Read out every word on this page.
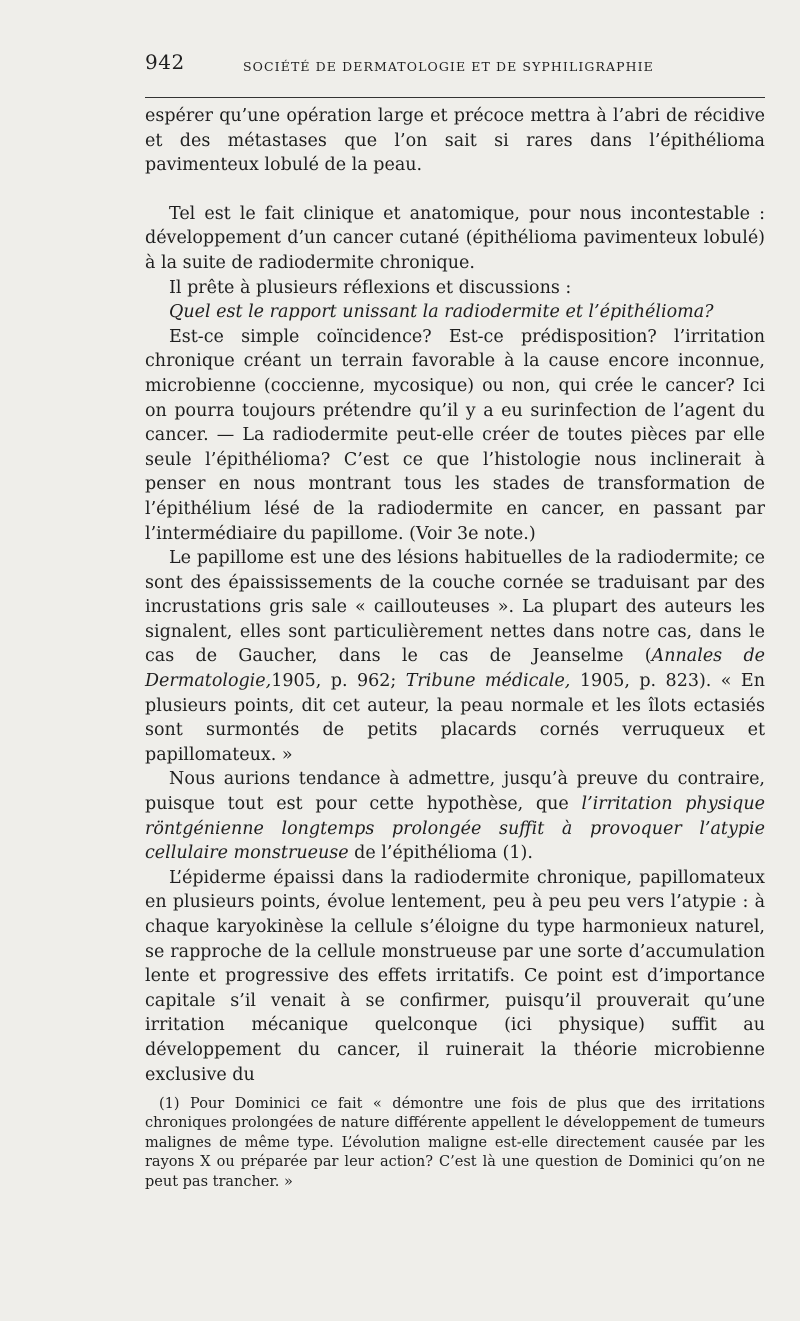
942	SOCIÉTÉ DE DERMATOLOGIE ET DE SYPHILIGRAPHIE

espérer qu’une opération large et précoce mettra à l’abri de récidive et des métastases que l’on sait si rares dans l’épithélioma pavimenteux lobulé de la peau.

Tel est le fait clinique et anatomique, pour nous incontestable : développement d’un cancer cutané (épithélioma pavimenteux lobulé) à la suite de radiodermite chronique.

Il prête à plusieurs réflexions et discussions :

Quel est le rapport unissant la radiodermite et l’épithélioma?

Est-ce simple coïncidence? Est-ce prédisposition? l’irritation chronique créant un terrain favorable à la cause encore inconnue, microbienne (coccienne, mycosique) ou non, qui crée le cancer? Ici on pourra toujours prétendre qu’il y a eu surinfection de l’agent du cancer. — La radiodermite peut-elle créer de toutes pièces par elle seule l’épithélioma? C’est ce que l’histologie nous inclinerait à penser en nous montrant tous les stades de transformation de l’épithélium lésé de la radiodermite en cancer, en passant par l’intermédiaire du papillome. (Voir 3e note.)

Le papillome est une des lésions habituelles de la radiodermite; ce sont des épaississements de la couche cornée se traduisant par des incrustations gris sale « caillouteuses ». La plupart des auteurs les signalent, elles sont particulièrement nettes dans notre cas, dans le cas de Gaucher, dans le cas de Jeanselme (Annales de Dermatologie,1905, p. 962; Tribune médicale, 1905, p. 823). « En plusieurs points, dit cet auteur, la peau normale et les îlots ectasiés sont surmontés de petits placards cornés verruqueux et papillomateux. »

Nous aurions tendance à admettre, jusqu’à preuve du contraire, puisque tout est pour cette hypothèse, que l’irritation physique röntgénienne longtemps prolongée suffit à provoquer l’atypie cellulaire monstrueuse de l’épithélioma (1).

L’épiderme épaissi dans la radiodermite chronique, papillomateux en plusieurs points, évolue lentement, peu à peu peu vers l’atypie : à chaque karyokinèse la cellule s’éloigne du type harmonieux naturel, se rapproche de la cellule monstrueuse par une sorte d’accumulation lente et progressive des effets irritatifs. Ce point est d’importance capitale s’il venait à se confirmer, puisqu’il prouverait qu’une irritation mécanique quelconque (ici physique) suffit au développement du cancer, il ruinerait la théorie microbienne exclusive du

(1) Pour Dominici ce fait « démontre une fois de plus que des irritations chroniques prolongées de nature différente appellent le développement de tumeurs malignes de même type. L’évolution maligne est-elle directement causée par les rayons X ou préparée par leur action? C’est là une question de Dominici qu’on ne peut pas trancher. »
